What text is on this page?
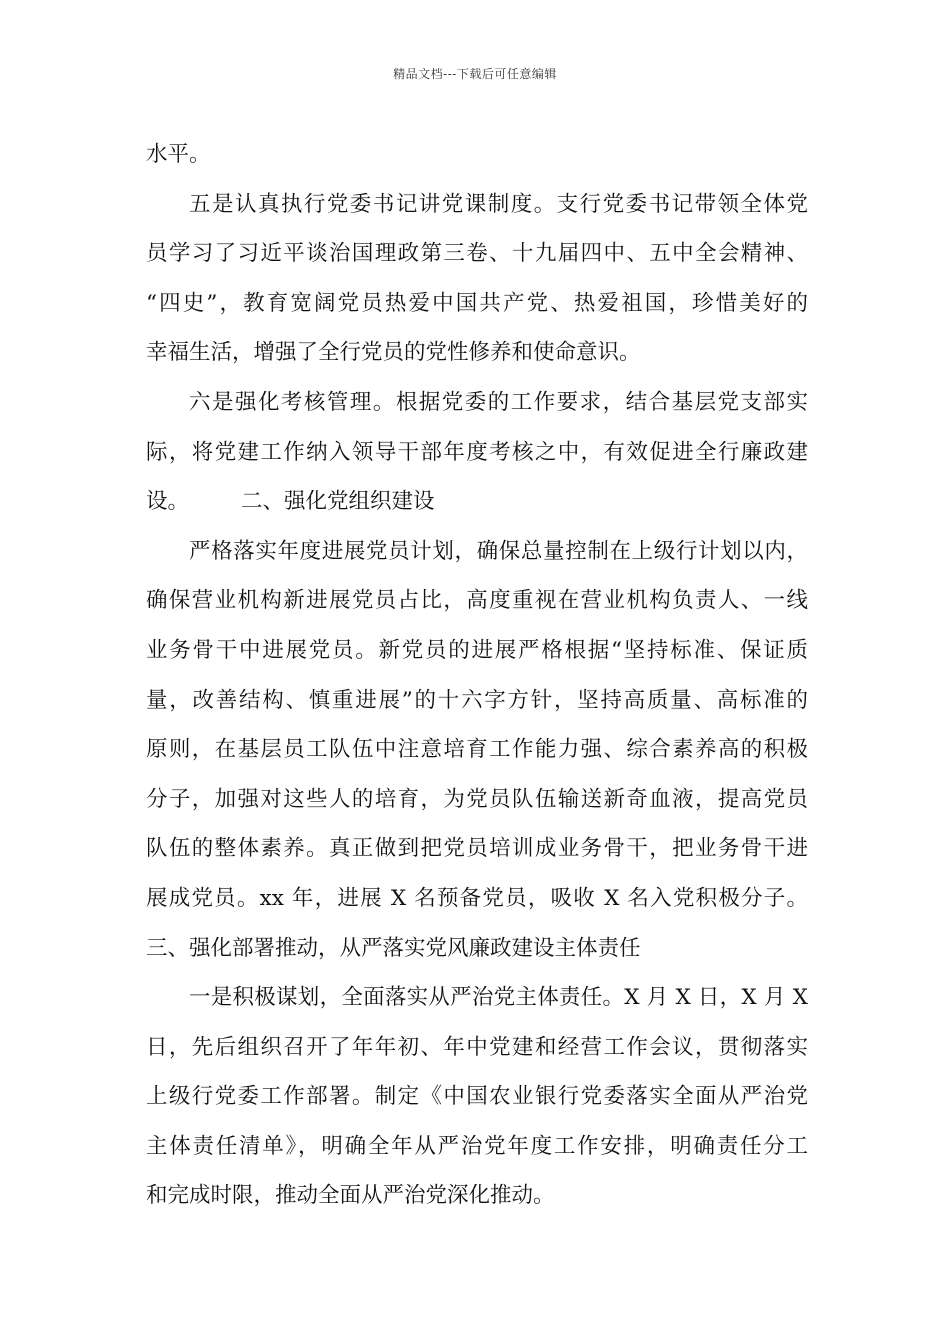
精品文档---下载后可任意编辑
水平。
五是认真执行党委书记讲党课制度。支行党委书记带领全体党
员学习了习近平谈治国理政第三卷、十九届四中、五中全会精神、
“四史”，教育宽阔党员热爱中国共产党、热爱祖国，珍惜美好的
幸福生活，增强了全行党员的党性修养和使命意识。
六是强化考核管理。根据党委的工作要求，结合基层党支部实
际，将党建工作纳入领导干部年度考核之中，有效促进全行廉政建
设。 二、强化党组织建设
严格落实年度进展党员计划，确保总量控制在上级行计划以内，
确保营业机构新进展党员占比，高度重视在营业机构负责人、一线
业务骨干中进展党员。新党员的进展严格根据“坚持标准、保证质
量，改善结构、慎重进展”的十六字方针，坚持高质量、高标准的
原则，在基层员工队伍中注意培育工作能力强、综合素养高的积极
分子，加强对这些人的培育，为党员队伍输送新奇血液，提高党员
队伍的整体素养。真正做到把党员培训成业务骨干，把业务骨干进
展成党员。xx 年，进展 X 名预备党员，吸收 X 名入党积极分子。
三、强化部署推动，从严落实党风廉政建设主体责任
一是积极谋划，全面落实从严治党主体责任。X 月 X 日，X 月 X
日，先后组织召开了年年初、年中党建和经营工作会议，贯彻落实
上级行党委工作部署。制定《中国农业银行党委落实全面从严治党
主体责任清单》，明确全年从严治党年度工作安排，明确责任分工
和完成时限，推动全面从严治党深化推动。
